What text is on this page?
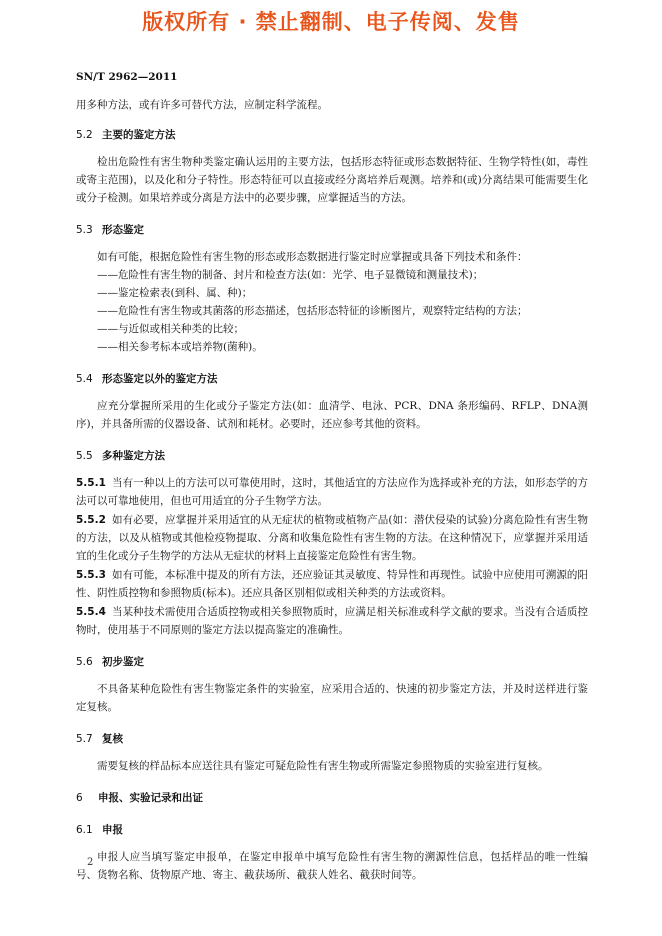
版权所有 · 禁止翻制、电子传阅、发售
SN/T 2962—2011

用多种方法，或有许多可替代方法，应制定科学流程。

5.2 主要的鉴定方法

检出危险性有害生物种类鉴定确认运用的主要方法，包括形态特征或形态数据特征、生物学特性(如，毒性或寄主范围)，以及化和分子特性。形态特征可以直接或经分离培养后观测。培养和(或)分离结果可能需要生化或分子检测。如果培养或分离是方法中的必要步骤，应掌握适当的方法。

5.3 形态鉴定

如有可能，根据危险性有害生物的形态或形态数据进行鉴定时应掌握或具备下列技术和条件：

——危险性有害生物的制备、封片和检查方法(如：光学、电子显微镜和测量技术)；

——鉴定检索表(到科、属、种)；

——危险性有害生物或其菌落的形态描述，包括形态特征的诊断图片，观察特定结构的方法；

——与近似或相关种类的比较；

——相关参考标本或培养物(菌种)。

5.4 形态鉴定以外的鉴定方法

应充分掌握所采用的生化或分子鉴定方法(如：血清学、电泳、PCR、DNA 条形编码、RFLP、DNA测序)，并具备所需的仪器设备、试剂和耗材。必要时，还应参考其他的资料。

5.5 多种鉴定方法

5.5.1 当有一种以上的方法可以可靠使用时，这时，其他适宜的方法应作为选择或补充的方法，如形态学的方法可以可靠地使用，但也可用适宜的分子生物学方法。

5.5.2 如有必要，应掌握并采用适宜的从无症状的植物或植物产品(如：潜伏侵染的试验)分离危险性有害生物的方法，以及从植物或其他检疫物提取、分离和收集危险性有害生物的方法。在这种情况下，应掌握并采用适宜的生化或分子生物学的方法从无症状的材料上直接鉴定危险性有害生物。

5.5.3 如有可能，本标准中提及的所有方法，还应验证其灵敏度、特异性和再现性。试验中应使用可溯源的阳性、阴性质控物和参照物质(标本)。还应具备区别相似或相关种类的方法或资料。

5.5.4 当某种技术需使用合适质控物或相关参照物质时，应满足相关标准或科学文献的要求。当没有合适质控物时，使用基于不同原则的鉴定方法以提高鉴定的准确性。

5.6 初步鉴定

不具备某种危险性有害生物鉴定条件的实验室，应采用合适的、快速的初步鉴定方法，并及时送样进行鉴定复核。

5.7 复核

需要复核的样品标本应送往具有鉴定可疑危险性有害生物或所需鉴定参照物质的实验室进行复核。

6 申报、实验记录和出证
6.1 申报

申报人应当填写鉴定申报单，在鉴定申报单中填写危险性有害生物的溯源性信息，包括样品的唯一性编号、货物名称、货物原产地、寄主、截获场所、截获人姓名、截获时间等。

2
